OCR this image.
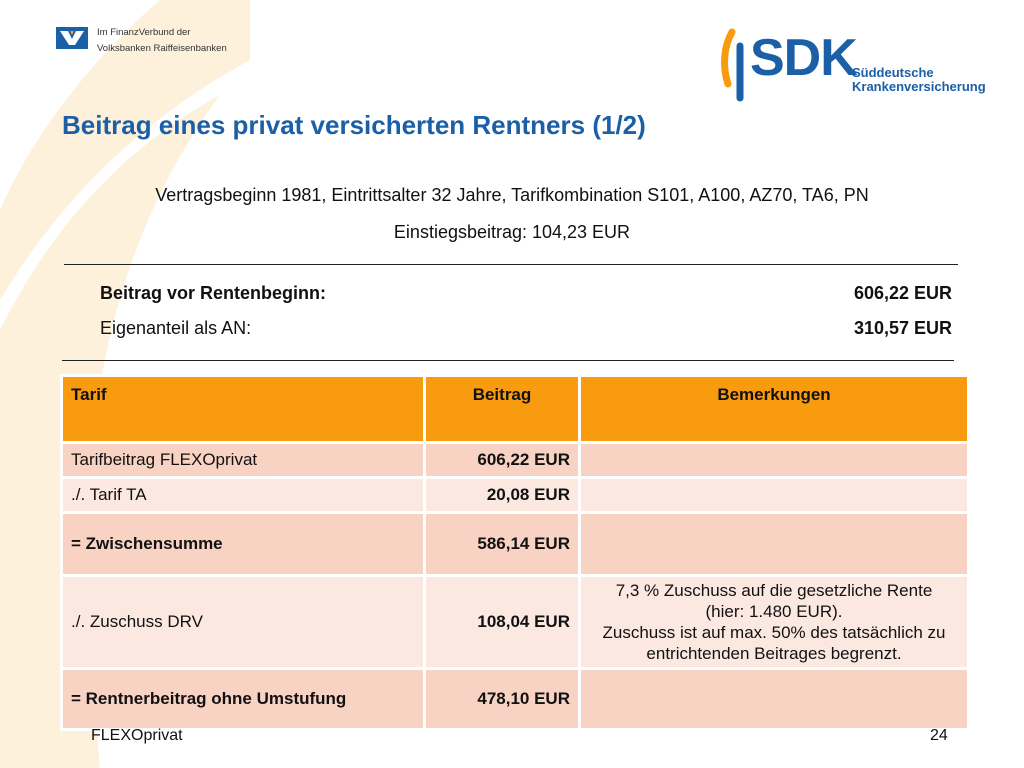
Im FinanzVerbund der
Volksbanken Raiffeisenbanken	SDK
Süddeutsche
Krankenversicherung
Beitrag eines privat versicherten Rentners (1/2)
Vertragsbeginn 1981, Eintrittsalter 32 Jahre, Tarifkombination S101, A100, AZ70, TA6, PN
Einstiegsbeitrag: 104,23 EUR
Beitrag vor Rentenbeginn:	606,22 EUR
Eigenanteil als AN:	310,57 EUR
Tarif	Beitrag	Bemerkungen
Tarifbeitrag FLEXOprivat	606,22 EUR	
./. Tarif TA	20,08 EUR	
= Zwischensumme	586,14 EUR	
./. Zuschuss DRV	108,04 EUR	7,3 % Zuschuss auf die gesetzliche Rente
(hier: 1.480 EUR).
Zuschuss ist auf max. 50% des tatsächlich zu
entrichtenden Beitrages begrenzt.

= Rentnerbeitrag ohne Umstufung	478,10 EUR	
FLEXOprivat	24
